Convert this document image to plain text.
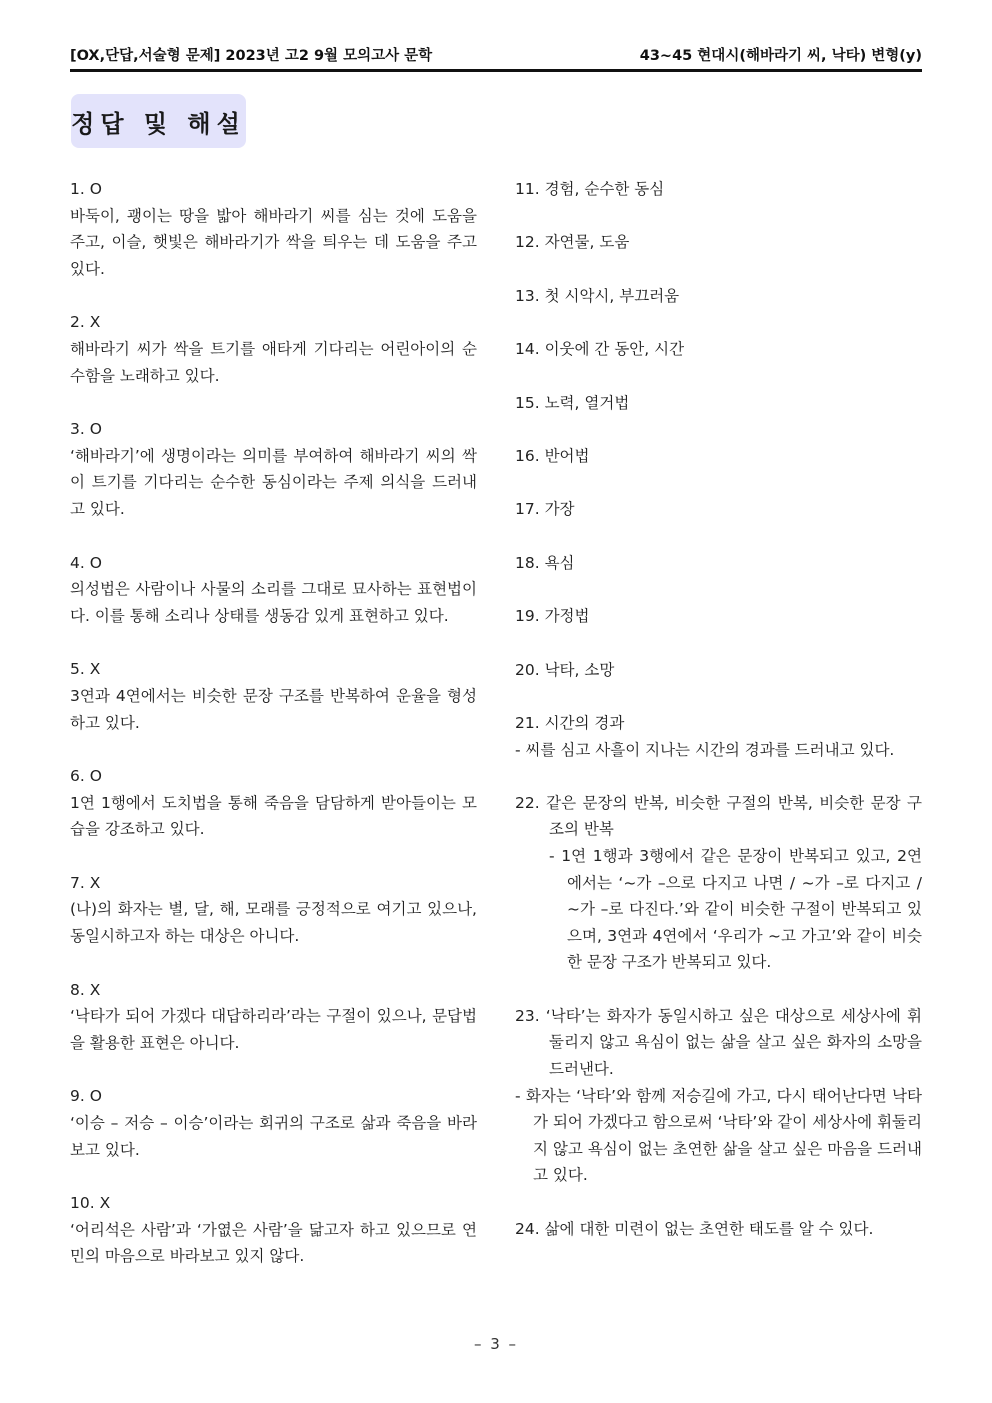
[OX,단답,서술형 문제] 2023년 고2 9월 모의고사 문학	43~45 현대시(해바라기 씨, 낙타) 변형(y)
정답 및 해설
1. O
바둑이, 괭이는 땅을 밟아 해바라기 씨를 심는 것에 도움을 주고, 이슬, 햇빛은 해바라기가 싹을 틔우는 데 도움을 주고 있다.
2. X
해바라기 씨가 싹을 트기를 애타게 기다리는 어린아이의 순수함을 노래하고 있다.
3. O
‘해바라기’에 생명이라는 의미를 부여하여 해바라기 씨의 싹이 트기를 기다리는 순수한 동심이라는 주제 의식을 드러내고 있다.
4. O
의성법은 사람이나 사물의 소리를 그대로 묘사하는 표현법이다. 이를 통해 소리나 상태를 생동감 있게 표현하고 있다.
5. X
3연과 4연에서는 비슷한 문장 구조를 반복하여 운율을 형성하고 있다.
6. O
1연 1행에서 도치법을 통해 죽음을 담담하게 받아들이는 모습을 강조하고 있다.
7. X
(나)의 화자는 별, 달, 해, 모래를 긍정적으로 여기고 있으나, 동일시하고자 하는 대상은 아니다.
8. X
‘낙타가 되어 가겠다 대답하리라’라는 구절이 있으나, 문답법을 활용한 표현은 아니다.
9. O
‘이승 – 저승 – 이승’이라는 회귀의 구조로 삶과 죽음을 바라보고 있다.
10. X
‘어리석은 사람’과 ‘가엾은 사람’을 닮고자 하고 있으므로 연민의 마음으로 바라보고 있지 않다.
11. 경험, 순수한 동심
12. 자연물, 도움
13. 첫 시악시, 부끄러움
14. 이웃에 간 동안, 시간
15. 노력, 열거법
16. 반어법
17. 가장
18. 욕심
19. 가정법
20. 낙타, 소망
21. 시간의 경과
- 씨를 심고 사흘이 지나는 시간의 경과를 드러내고 있다.
22. 같은 문장의 반복, 비슷한 구절의 반복, 비슷한 문장 구조의 반복
- 1연 1행과 3행에서 같은 문장이 반복되고 있고, 2연에서는 ‘~가 –으로 다지고 나면 / ~가 –로 다지고 / ~가 –로 다진다.’와 같이 비슷한 구절이 반복되고 있으며, 3연과 4연에서 ‘우리가 ~고 가고’와 같이 비슷한 문장 구조가 반복되고 있다.
23. ‘낙타’는 화자가 동일시하고 싶은 대상으로 세상사에 휘둘리지 않고 욕심이 없는 삶을 살고 싶은 화자의 소망을 드러낸다.
- 화자는 ‘낙타’와 함께 저승길에 가고, 다시 태어난다면 낙타가 되어 가겠다고 함으로써 ‘낙타’와 같이 세상사에 휘둘리지 않고 욕심이 없는 초연한 삶을 살고 싶은 마음을 드러내고 있다.
24. 삶에 대한 미련이 없는 초연한 태도를 알 수 있다.
– 3 –
